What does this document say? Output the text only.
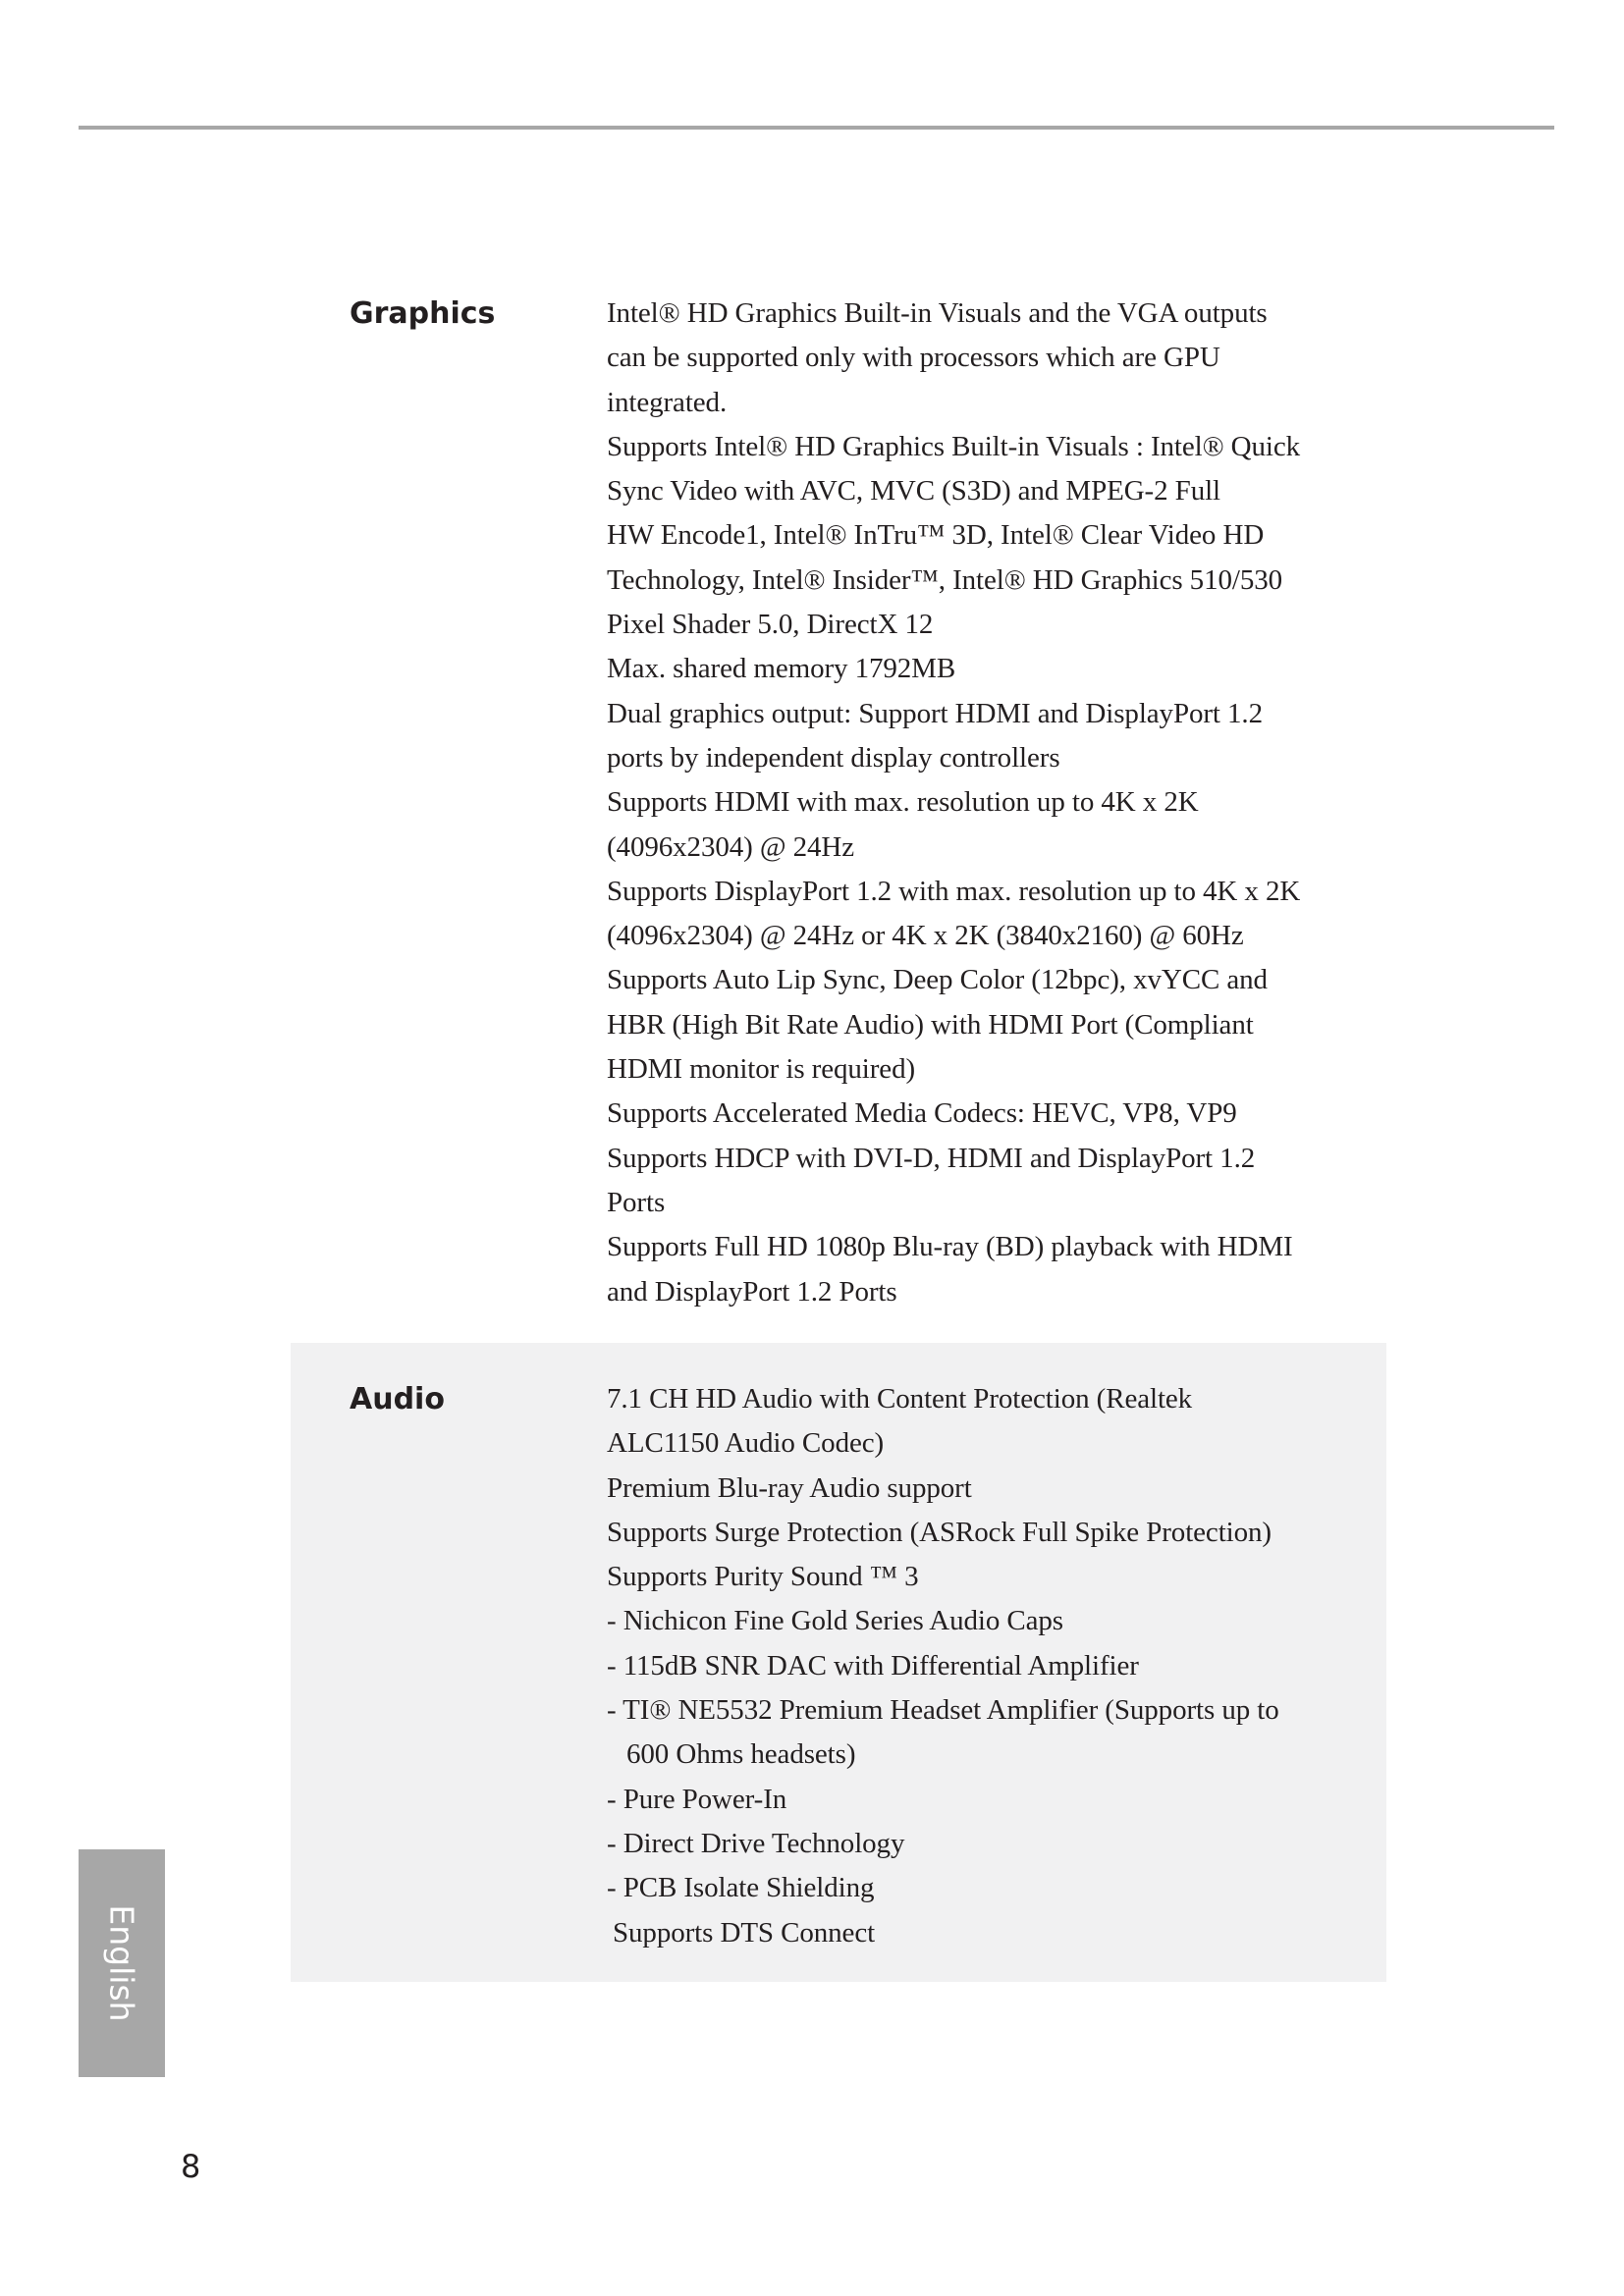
Graphics	Intel® HD Graphics Built-in Visuals and the VGA outputs
can be supported only with processors which are GPU
integrated.
Supports Intel® HD Graphics Built-in Visuals : Intel® Quick
Sync Video with AVC, MVC (S3D) and MPEG-2 Full
HW Encode1, Intel® InTru™ 3D, Intel® Clear Video HD
Technology, Intel® Insider™, Intel® HD Graphics 510/530
Pixel Shader 5.0, DirectX 12
Max. shared memory 1792MB
Dual graphics output: Support HDMI and DisplayPort 1.2
ports by independent display controllers
Supports HDMI with max. resolution up to 4K x 2K
(4096x2304) @ 24Hz
Supports DisplayPort 1.2 with max. resolution up to 4K x 2K
(4096x2304) @ 24Hz or 4K x 2K (3840x2160) @ 60Hz
Supports Auto Lip Sync, Deep Color (12bpc), xvYCC and
HBR (High Bit Rate Audio) with HDMI Port (Compliant
HDMI monitor is required)
Supports Accelerated Media Codecs: HEVC, VP8, VP9
Supports HDCP with DVI-D, HDMI and DisplayPort 1.2
Ports
Supports Full HD 1080p Blu-ray (BD) playback with HDMI
and DisplayPort 1.2 Ports
Audio	7.1 CH HD Audio with Content Protection (Realtek
ALC1150 Audio Codec)
Premium Blu-ray Audio support
Supports Surge Protection (ASRock Full Spike Protection)
Supports Purity Sound ™ 3
- Nichicon Fine Gold Series Audio Caps
- 115dB SNR DAC with Differential Amplifier
- TI® NE5532 Premium Headset Amplifier (Supports up to
600 Ohms headsets)
- Pure Power-In
- Direct Drive Technology
- PCB Isolate Shielding
Supports DTS Connect
English
8
